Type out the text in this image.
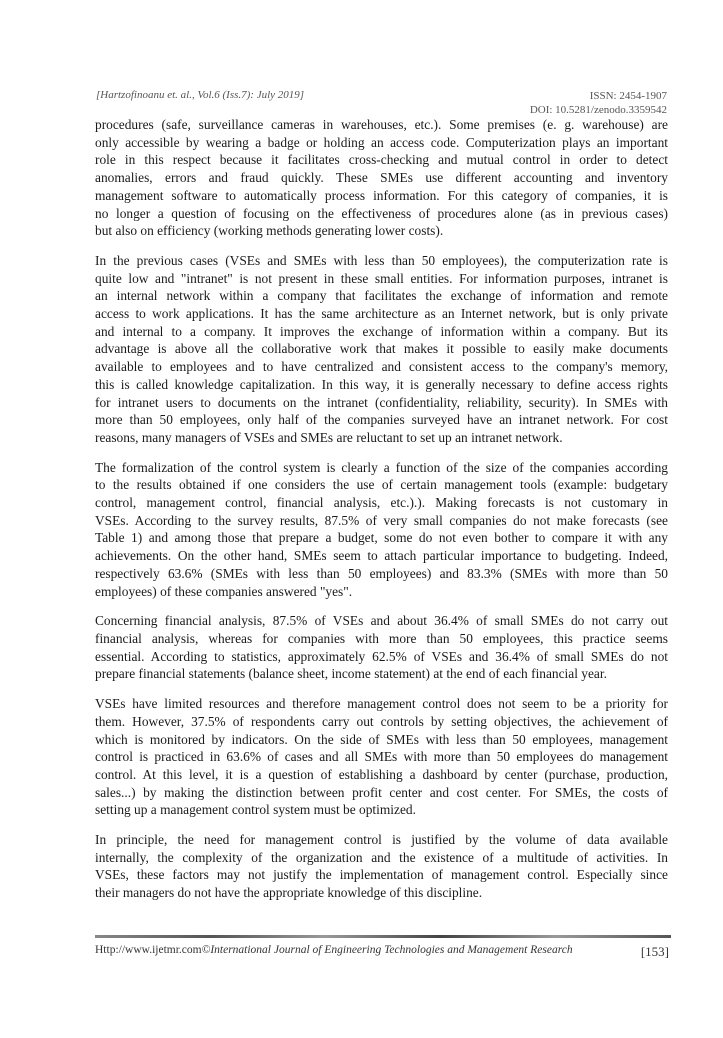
[Hartzofinoanu et. al., Vol.6 (Iss.7): July 2019]	ISSN: 2454-1907
DOI: 10.5281/zenodo.3359542
procedures (safe, surveillance cameras in warehouses, etc.). Some premises (e. g. warehouse) are
only accessible by wearing a badge or holding an access code. Computerization plays an important
role in this respect because it facilitates cross-checking and mutual control in order to detect
anomalies, errors and fraud quickly. These SMEs use different accounting and inventory
management software to automatically process information. For this category of companies, it is
no longer a question of focusing on the effectiveness of procedures alone (as in previous cases)
but also on efficiency (working methods generating lower costs).
In the previous cases (VSEs and SMEs with less than 50 employees), the computerization rate is
quite low and "intranet" is not present in these small entities. For information purposes, intranet is
an internal network within a company that facilitates the exchange of information and remote
access to work applications. It has the same architecture as an Internet network, but is only private
and internal to a company. It improves the exchange of information within a company. But its
advantage is above all the collaborative work that makes it possible to easily make documents
available to employees and to have centralized and consistent access to the company's memory,
this is called knowledge capitalization. In this way, it is generally necessary to define access rights
for intranet users to documents on the intranet (confidentiality, reliability, security). In SMEs with
more than 50 employees, only half of the companies surveyed have an intranet network. For cost
reasons, many managers of VSEs and SMEs are reluctant to set up an intranet network.
The formalization of the control system is clearly a function of the size of the companies according
to the results obtained if one considers the use of certain management tools (example: budgetary
control, management control, financial analysis, etc.).). Making forecasts is not customary in
VSEs. According to the survey results, 87.5% of very small companies do not make forecasts (see
Table 1) and among those that prepare a budget, some do not even bother to compare it with any
achievements. On the other hand, SMEs seem to attach particular importance to budgeting. Indeed,
respectively 63.6% (SMEs with less than 50 employees) and 83.3% (SMEs with more than 50
employees) of these companies answered "yes".
Concerning financial analysis, 87.5% of VSEs and about 36.4% of small SMEs do not carry out
financial analysis, whereas for companies with more than 50 employees, this practice seems
essential. According to statistics, approximately 62.5% of VSEs and 36.4% of small SMEs do not
prepare financial statements (balance sheet, income statement) at the end of each financial year.
VSEs have limited resources and therefore management control does not seem to be a priority for
them. However, 37.5% of respondents carry out controls by setting objectives, the achievement of
which is monitored by indicators. On the side of SMEs with less than 50 employees, management
control is practiced in 63.6% of cases and all SMEs with more than 50 employees do management
control. At this level, it is a question of establishing a dashboard by center (purchase, production,
sales...) by making the distinction between profit center and cost center. For SMEs, the costs of
setting up a management control system must be optimized.
In principle, the need for management control is justified by the volume of data available
internally, the complexity of the organization and the existence of a multitude of activities. In
VSEs, these factors may not justify the implementation of management control. Especially since
their managers do not have the appropriate knowledge of this discipline.
Http://www.ijetmr.com©International Journal of Engineering Technologies and Management Research	[153]
